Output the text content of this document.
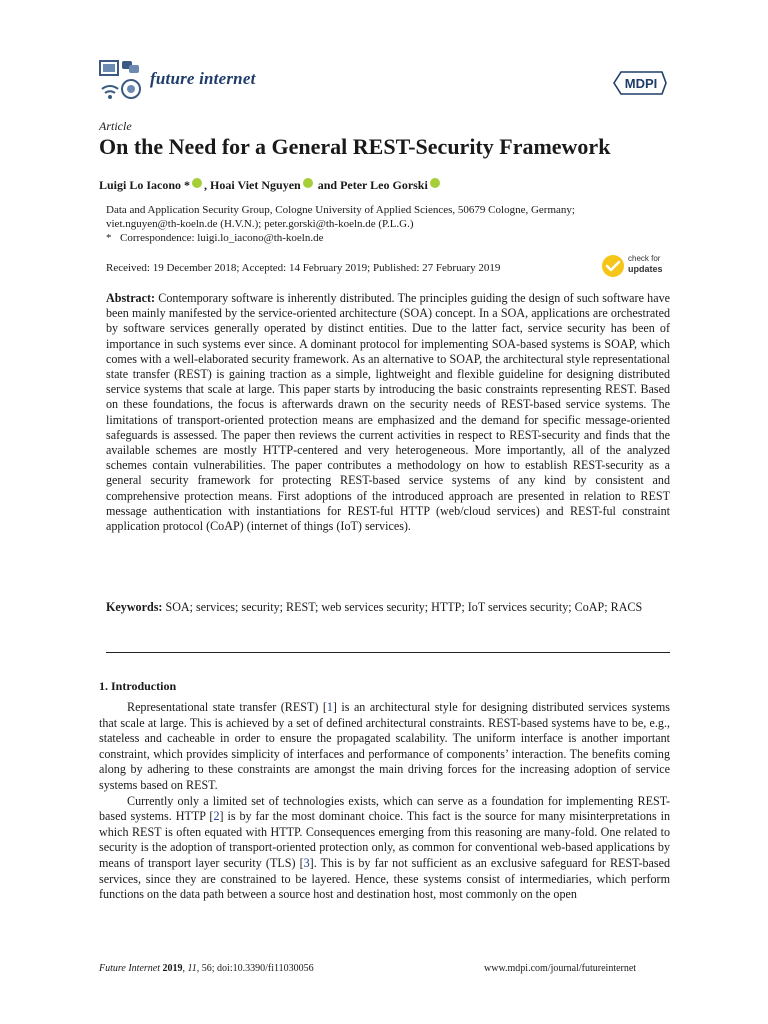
future internet	MDPI
Article
On the Need for a General REST-Security Framework
Luigi Lo Iacono * , Hoai Viet Nguyen and Peter Leo Gorski

Data and Application Security Group, Cologne University of Applied Sciences, 50679 Cologne, Germany;

viet.nguyen@th-koeln.de (H.V.N.); peter.gorski@th-koeln.de (P.L.G.)

* Correspondence: luigi.lo_iacono@th-koeln.de

Received: 19 December 2018; Accepted: 14 February 2019; Published: 27 February 2019
check for
updates

Abstract: Contemporary software is inherently distributed. The principles guiding the design of such software have been mainly manifested by the service-oriented architecture (SOA) concept. In a SOA, applications are orchestrated by software services generally operated by distinct entities. Due to the latter fact, service security has been of importance in such systems ever since. A dominant protocol for implementing SOA-based systems is SOAP, which comes with a well-elaborated security framework. As an alternative to SOAP, the architectural style representational state transfer (REST) is gaining traction as a simple, lightweight and flexible guideline for designing distributed service systems that scale at large. This paper starts by introducing the basic constraints representing REST. Based on these foundations, the focus is afterwards drawn on the security needs of REST-based service systems. The limitations of transport-oriented protection means are emphasized and the demand for specific message-oriented safeguards is assessed. The paper then reviews the current activities in respect to REST-security and finds that the available schemes are mostly HTTP-centered and very heterogeneous. More importantly, all of the analyzed schemes contain vulnerabilities. The paper contributes a methodology on how to establish REST-security as a general security framework for protecting REST-based service systems of any kind by consistent and comprehensive protection means. First adoptions of the introduced approach are presented in relation to REST message authentication with instantiations for REST-ful HTTP (web/cloud services) and REST-ful constraint application protocol (CoAP) (internet of things (IoT) services).

Keywords: SOA; services; security; REST; web services security; HTTP; IoT services security; CoAP; RACS

1. Introduction

Representational state transfer (REST) [1] is an architectural style for designing distributed services systems that scale at large. This is achieved by a set of defined architectural constraints. REST-based systems have to be, e.g., stateless and cacheable in order to ensure the propagated scalability. The uniform interface is another important constraint, which provides simplicity of interfaces and performance of components’ interaction. The benefits coming along by adhering to these constraints are amongst the main driving forces for the increasing adoption of service systems based on REST.

Currently only a limited set of technologies exists, which can serve as a foundation for implementing REST-based systems. HTTP [2] is by far the most dominant choice. This fact is the source for many misinterpretations in which REST is often equated with HTTP. Consequences emerging from this reasoning are many-fold. One related to security is the adoption of transport-oriented protection only, as common for conventional web-based applications by means of transport layer security (TLS) [3]. This is by far not sufficient as an exclusive safeguard for REST-based services, since they are constrained to be layered. Hence, these systems consist of intermediaries, which perform functions on the data path between a source host and destination host, most commonly on the open

Future Internet 2019, 11, 56; doi:10.3390/fi11030056	www.mdpi.com/journal/futureinternet
